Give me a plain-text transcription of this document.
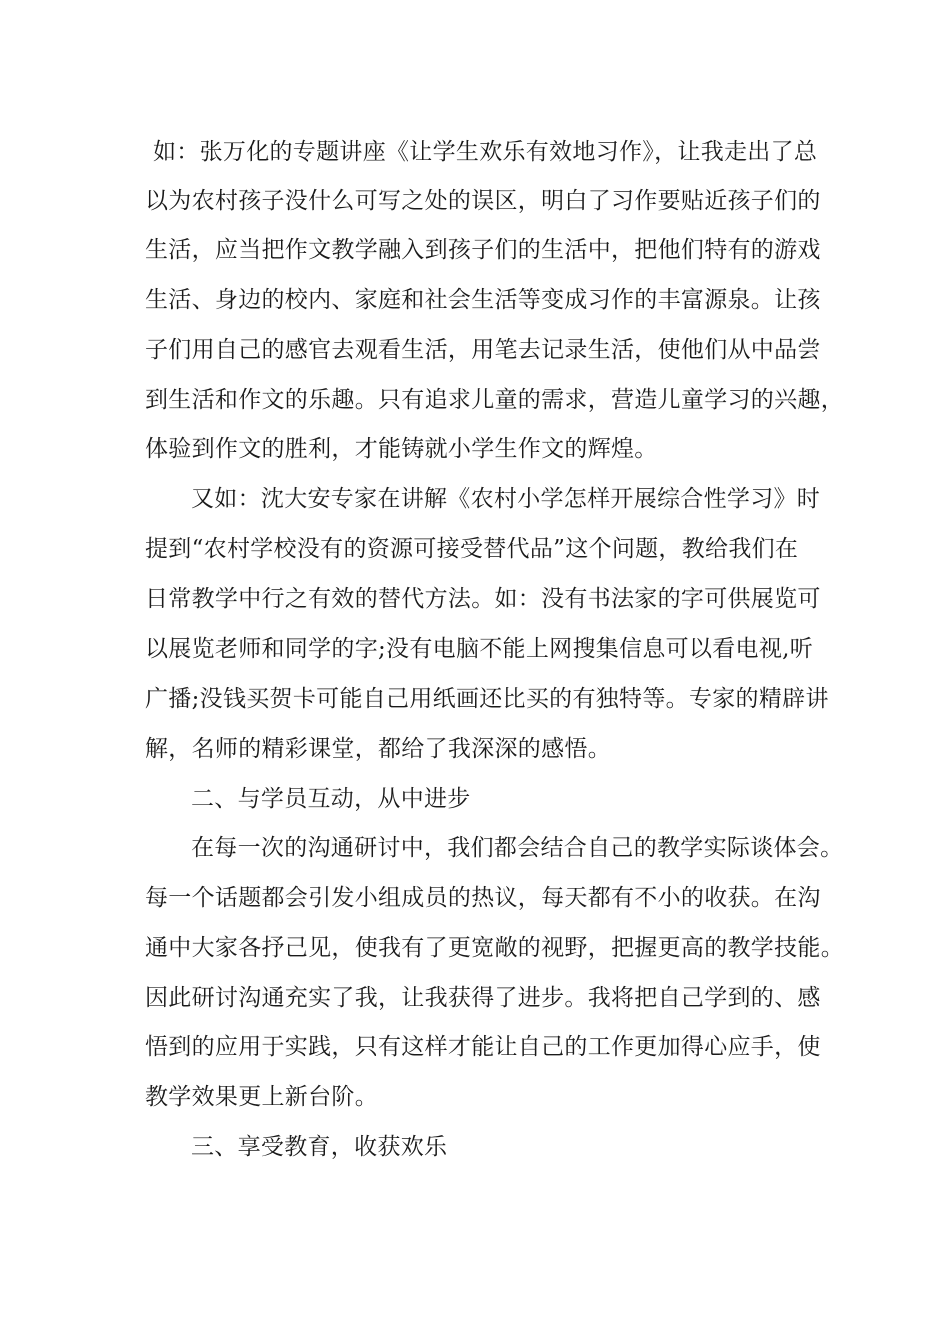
如：张万化的专题讲座《让学生欢乐有效地习作》，让我走出了总
以为农村孩子没什么可写之处的误区，明白了习作要贴近孩子们的
生活，应当把作文教学融入到孩子们的生活中，把他们特有的游戏
生活、身边的校内、家庭和社会生活等变成习作的丰富源泉。让孩
子们用自己的感官去观看生活，用笔去记录生活，使他们从中品尝
到生活和作文的乐趣。只有追求儿童的需求，营造儿童学习的兴趣，
体验到作文的胜利，才能铸就小学生作文的辉煌。
又如：沈大安专家在讲解《农村小学怎样开展综合性学习》时
提到“农村学校没有的资源可接受替代品”这个问题，教给我们在
日常教学中行之有效的替代方法。如：没有书法家的字可供展览可
以展览老师和同学的字;没有电脑不能上网搜集信息可以看电视,听
广播;没钱买贺卡可能自己用纸画还比买的有独特等。专家的精辟讲
解，名师的精彩课堂，都给了我深深的感悟。
二、与学员互动，从中进步
在每一次的沟通研讨中，我们都会结合自己的教学实际谈体会。
每一个话题都会引发小组成员的热议，每天都有不小的收获。在沟
通中大家各抒己见，使我有了更宽敞的视野，把握更高的教学技能。
因此研讨沟通充实了我，让我获得了进步。我将把自己学到的、感
悟到的应用于实践，只有这样才能让自己的工作更加得心应手，使
教学效果更上新台阶。
三、享受教育，收获欢乐
